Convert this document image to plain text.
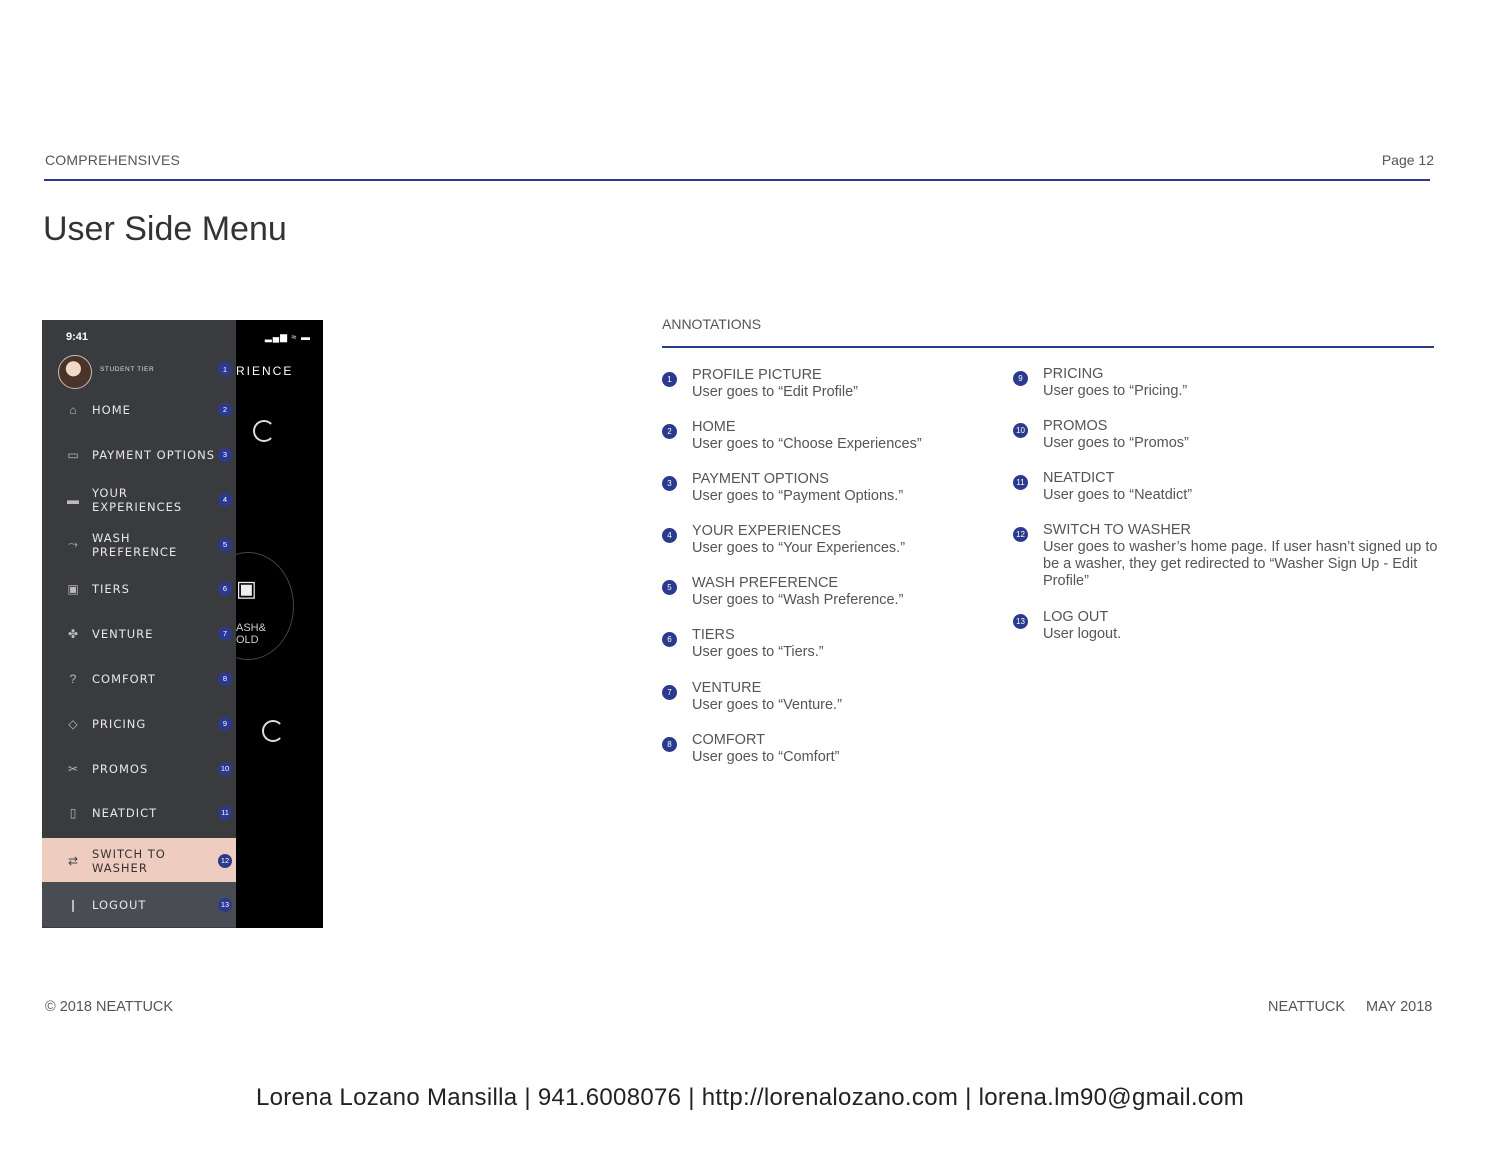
COMPREHENSIVES	Page 12
User Side Menu
RIENCE
▣
ASH&
OLD
9:41
STUDENT TIER	1
⌂	HOME	2
▭ PAYMENT OPTIONS	3
▬ YOUR EXPERIENCES	4
⤳	WASH PREFERENCE	5
▣ TIERS	6
✤	VENTURE	7
?	COMFORT	8
◇	PRICING	9
✂	PROMOS	10
▯	NEATDICT	11
⇄	SWITCH TO WASHER	12
❙	LOGOUT	13
▂▄▆ ≈ ▬
ANNOTATIONS
1	PROFILE PICTURE
User goes to “Edit Profile”
2	HOME
User goes to “Choose Experiences”
3	PAYMENT OPTIONS
User goes to “Payment Options.”
4	YOUR EXPERIENCES
User goes to “Your Experiences.”
5	WASH PREFERENCE
User goes to “Wash Preference.”
6	TIERS
User goes to “Tiers.”
7	VENTURE
User goes to “Venture.”
8	COMFORT
User goes to “Comfort”
9	PRICING
User goes to “Pricing.”
10 PROMOS
User goes to “Promos”
11 NEATDICT
User goes to “Neatdict”
12 SWITCH TO WASHER
User goes to washer’s home page. If user hasn’t signed up to be a washer, they get redirected to “Washer Sign Up - Edit Profile”
13 LOG OUT
User logout.
© 2018 NEATTUCK	NEATTUCK MAY 2018
Lorena Lozano Mansilla | 941.6008076 | http://lorenalozano.com | lorena.lm90@gmail.com
